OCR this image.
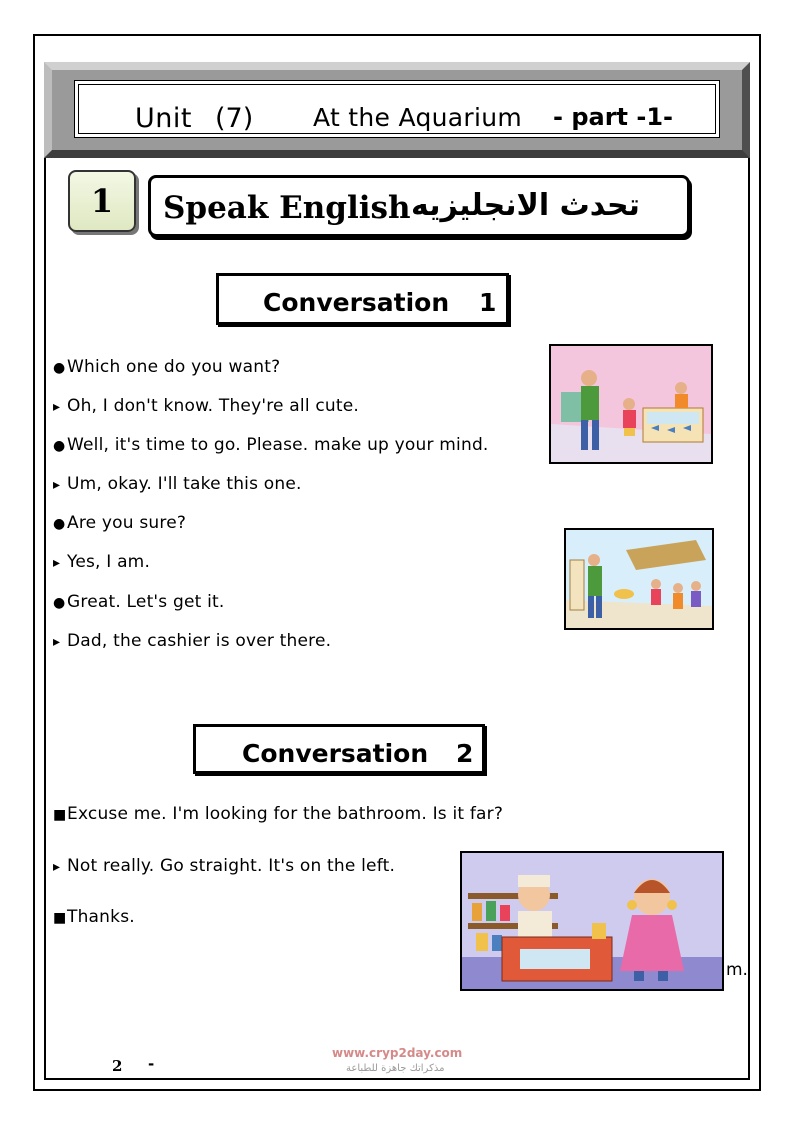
Unit (7) At the Aquarium - part -1-
1 Speak English تحدث الانجليزيه
Conversation 1
●Which one do you want?
▸ Oh, I don't know. They're all cute.
●Well, it's time to go. Please. make up your mind.
▸ Um, okay. I'll take this one.
●Are you sure?
▸ Yes, I am.
●Great. Let's get it.
▸ Dad, the cashier is over there.
Conversation 2
■Excuse me. I'm looking for the bathroom. Is it far?
▸ Not really. Go straight. It's on the left.
■Thanks.
m.
2 -
www.cryp2day.com
مذكراتك جاهزة للطباعة
